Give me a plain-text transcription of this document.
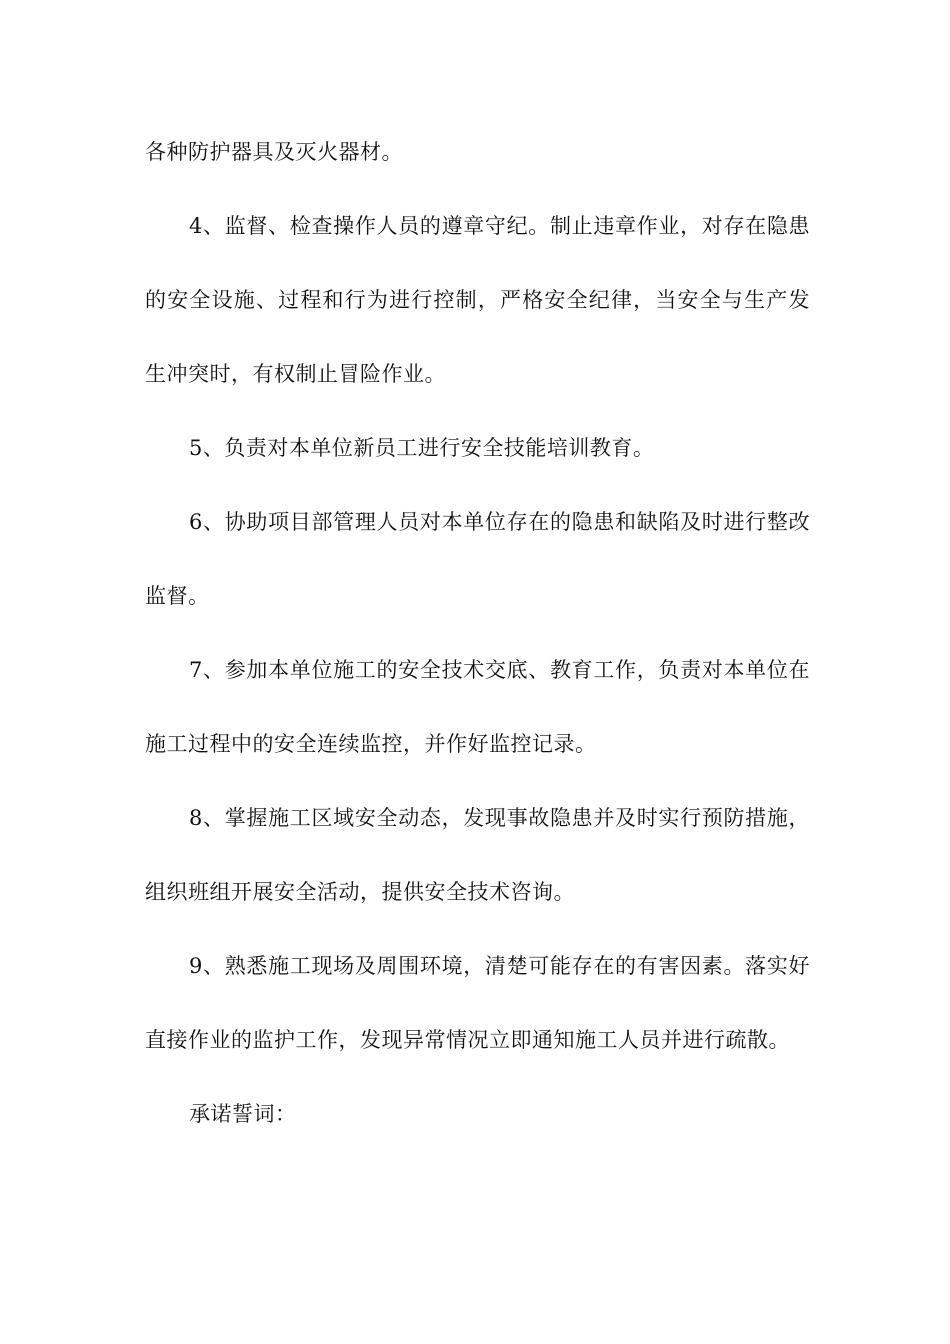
各种防护器具及灭火器材。

4、监督、检查操作人员的遵章守纪。制止违章作业，对存在隐患的安全设施、过程和行为进行控制，严格安全纪律，当安全与生产发生冲突时，有权制止冒险作业。

5、负责对本单位新员工进行安全技能培训教育。

6、协助项目部管理人员对本单位存在的隐患和缺陷及时进行整改监督。

7、参加本单位施工的安全技术交底、教育工作，负责对本单位在施工过程中的安全连续监控，并作好监控记录。

8、掌握施工区域安全动态，发现事故隐患并及时实行预防措施，组织班组开展安全活动，提供安全技术咨询。

9、熟悉施工现场及周围环境，清楚可能存在的有害因素。落实好直接作业的监护工作，发现异常情况立即通知施工人员并进行疏散。

承诺誓词：
